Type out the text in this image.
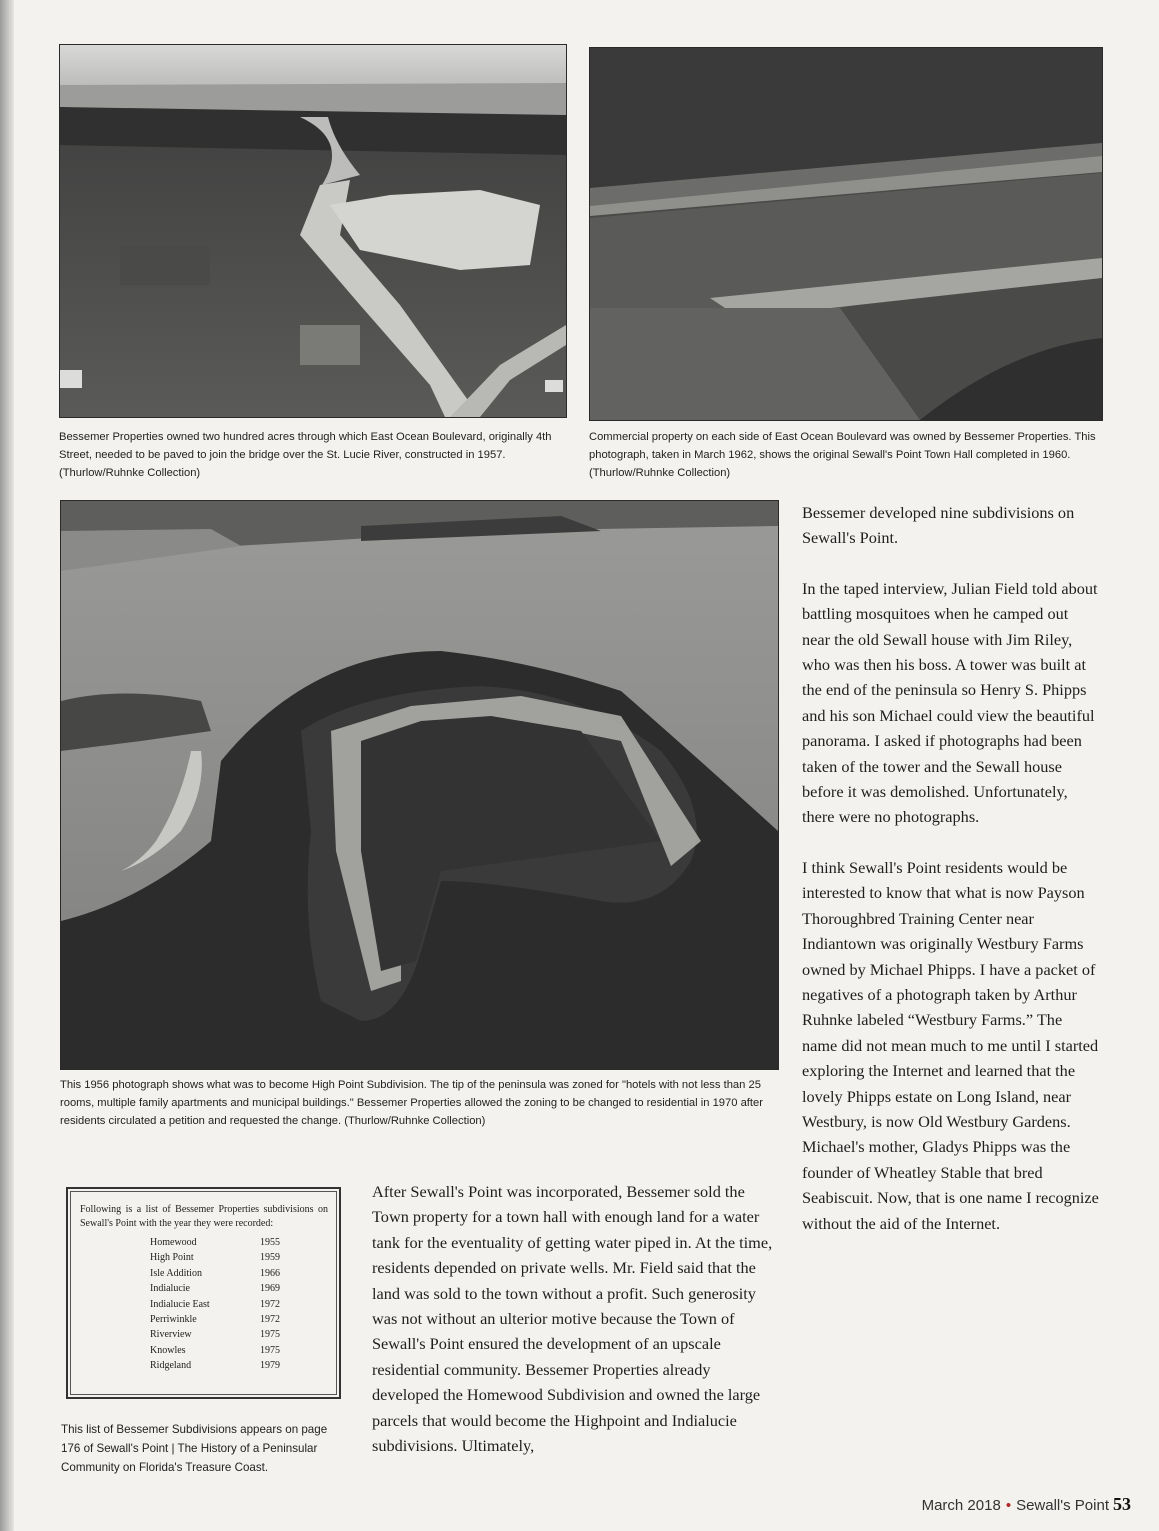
Bessemer Properties owned two hundred acres through which East Ocean Boulevard, originally 4th Street, needed to be paved to join the bridge over the St. Lucie River, constructed in 1957. (Thurlow/Ruhnke Collection)

Commercial property on each side of East Ocean Boulevard was owned by Bessemer Properties. This photograph, taken in March 1962, shows the original Sewall's Point Town Hall completed in 1960. (Thurlow/Ruhnke Collection)

This 1956 photograph shows what was to become High Point Subdivision. The tip of the peninsula was zoned for "hotels with not less than 25 rooms, multiple family apartments and municipal buildings." Bessemer Properties allowed the zoning to be changed to residential in 1970 after residents circulated a petition and requested the change. (Thurlow/Ruhnke Collection)

Bessemer developed nine subdivisions on Sewall's Point.

In the taped interview, Julian Field told about battling mosquitoes when he camped out near the old Sewall house with Jim Riley, who was then his boss. A tower was built at the end of the peninsula so Henry S. Phipps and his son Michael could view the beautiful panorama. I asked if photographs had been taken of the tower and the Sewall house before it was demolished. Unfortunately, there were no photographs.

I think Sewall's Point residents would be interested to know that what is now Payson Thoroughbred Training Center near Indiantown was originally Westbury Farms owned by Michael Phipps. I have a packet of negatives of a photograph taken by Arthur Ruhnke labeled “Westbury Farms.” The name did not mean much to me until I started exploring the Internet and learned that the lovely Phipps estate on Long Island, near Westbury, is now Old Westbury Gardens. Michael's mother, Gladys Phipps was the founder of Wheatley Stable that bred Seabiscuit. Now, that is one name I recognize without the aid of the Internet.

After Sewall's Point was incorporated, Bessemer sold the Town property for a town hall with enough land for a water tank for the eventuality of getting water piped in. At the time, residents depended on private wells. Mr. Field said that the land was sold to the town without a profit. Such generosity was not without an ulterior motive because the Town of Sewall's Point ensured the development of an upscale residential community. Bessemer Properties already developed the Homewood Subdivision and owned the large parcels that would become the Highpoint and Indialucie subdivisions. Ultimately,

Following is a list of Bessemer Properties subdivisions on Sewall's Point with the year they were recorded:

Homewood	1955
High Point	1959
Isle Addition	1966
Indialucie	1969
Indialucie East	1972
Perriwinkle	1972
Riverview	1975
Knowles	1975
Ridgeland	1979

This list of Bessemer Subdivisions appears on page 176 of Sewall's Point | The History of a Peninsular Community on Florida's Treasure Coast.

March 2018 • Sewall's Point 53
